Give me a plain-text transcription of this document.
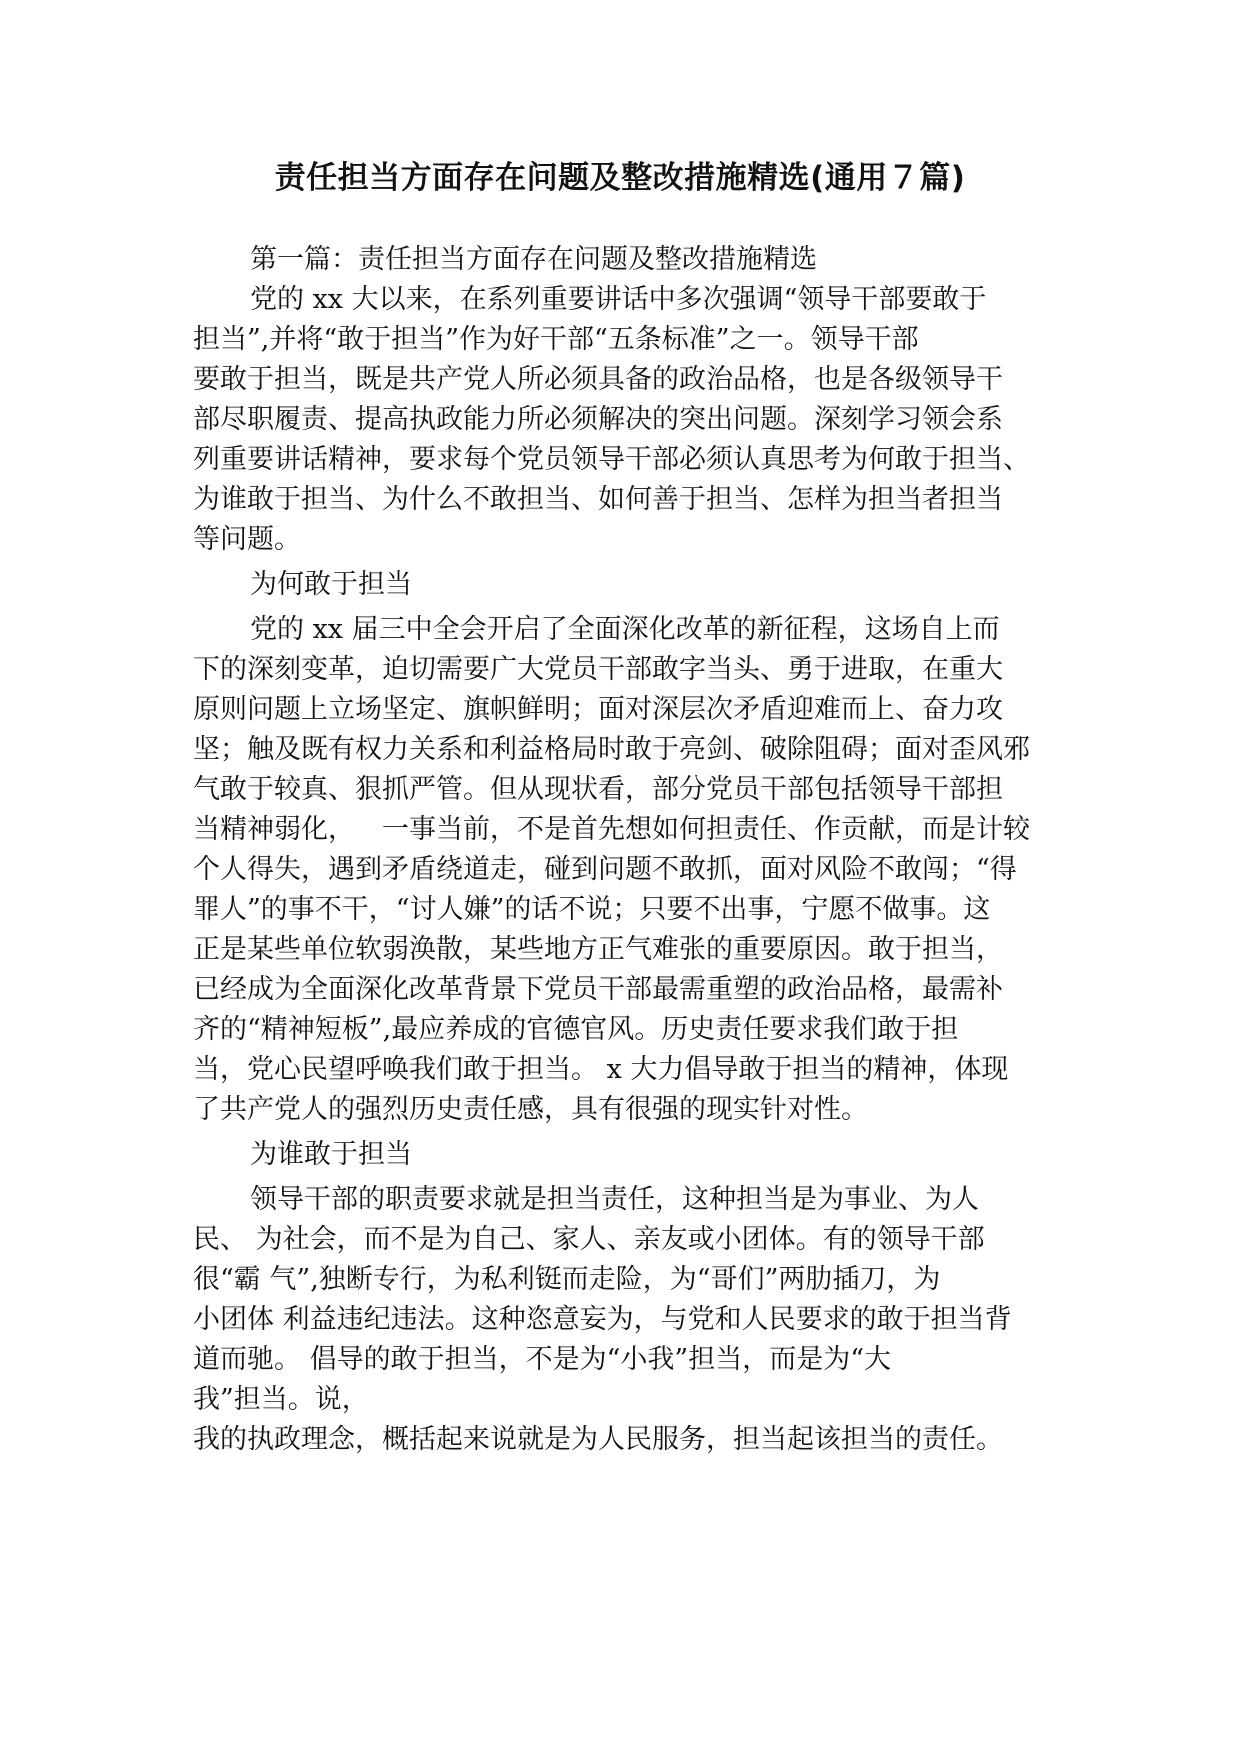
责任担当方面存在问题及整改措施精选(通用７篇)

第一篇：责任担当方面存在问题及整改措施精选

党的 xx 大以来，在系列重要讲话中多次强调“领导干部要敢于

担当”,并将“敢于担当”作为好干部“五条标准”之一。领导干部

要敢于担当，既是共产党人所必须具备的政治品格，也是各级领导干

部尽职履责、提高执政能力所必须解决的突出问题。深刻学习领会系

列重要讲话精神，要求每个党员领导干部必须认真思考为何敢于担当、

为谁敢于担当、为什么不敢担当、如何善于担当、怎样为担当者担当

等问题。

为何敢于担当

党的 xx 届三中全会开启了全面深化改革的新征程，这场自上而

下的深刻变革，迫切需要广大党员干部敢字当头、勇于进取，在重大

原则问题上立场坚定、旗帜鲜明；面对深层次矛盾迎难而上、奋力攻

坚；触及既有权力关系和利益格局时敢于亮剑、破除阻碍；面对歪风邪

气敢于较真、狠抓严管。但从现状看，部分党员干部包括领导干部担

当精神弱化， 一事当前，不是首先想如何担责任、作贡献，而是计较

个人得失，遇到矛盾绕道走，碰到问题不敢抓，面对风险不敢闯；“得

罪人”的事不干，“讨人嫌”的话不说；只要不出事，宁愿不做事。这

正是某些单位软弱涣散，某些地方正气难张的重要原因。敢于担当，

已经成为全面深化改革背景下党员干部最需重塑的政治品格，最需补

齐的“精神短板”,最应养成的官德官风。历史责任要求我们敢于担

当，党心民望呼唤我们敢于担当。 x 大力倡导敢于担当的精神，体现

了共产党人的强烈历史责任感，具有很强的现实针对性。

为谁敢于担当

领导干部的职责要求就是担当责任，这种担当是为事业、为人

民、 为社会，而不是为自己、家人、亲友或小团体。有的领导干部

很“霸 气”,独断专行，为私利铤而走险，为“哥们”两肋插刀，为

小团体 利益违纪违法。这种恣意妄为，与党和人民要求的敢于担当背

道而驰。 倡导的敢于担当，不是为“小我”担当，而是为“大

我”担当。说，

我的执政理念，概括起来说就是为人民服务，担当起该担当的责任。
